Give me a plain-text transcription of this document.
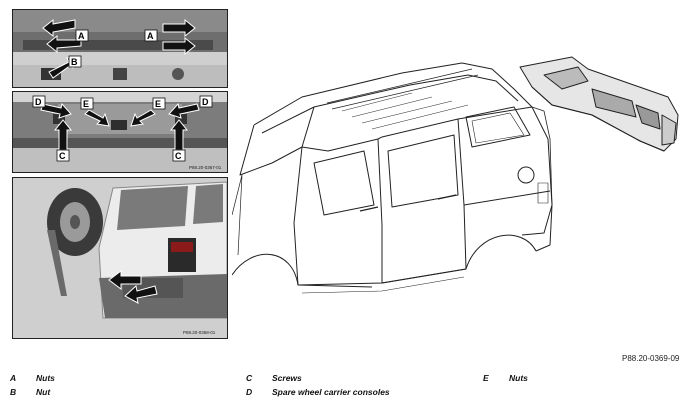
A	A
B
D	E	E	D
C	C
P88.20-0367-01
P88.20-0368-01
P88.20-0369-09
A Nuts
B Nut
C Screws
D Spare wheel carrier consoles
E Nuts
